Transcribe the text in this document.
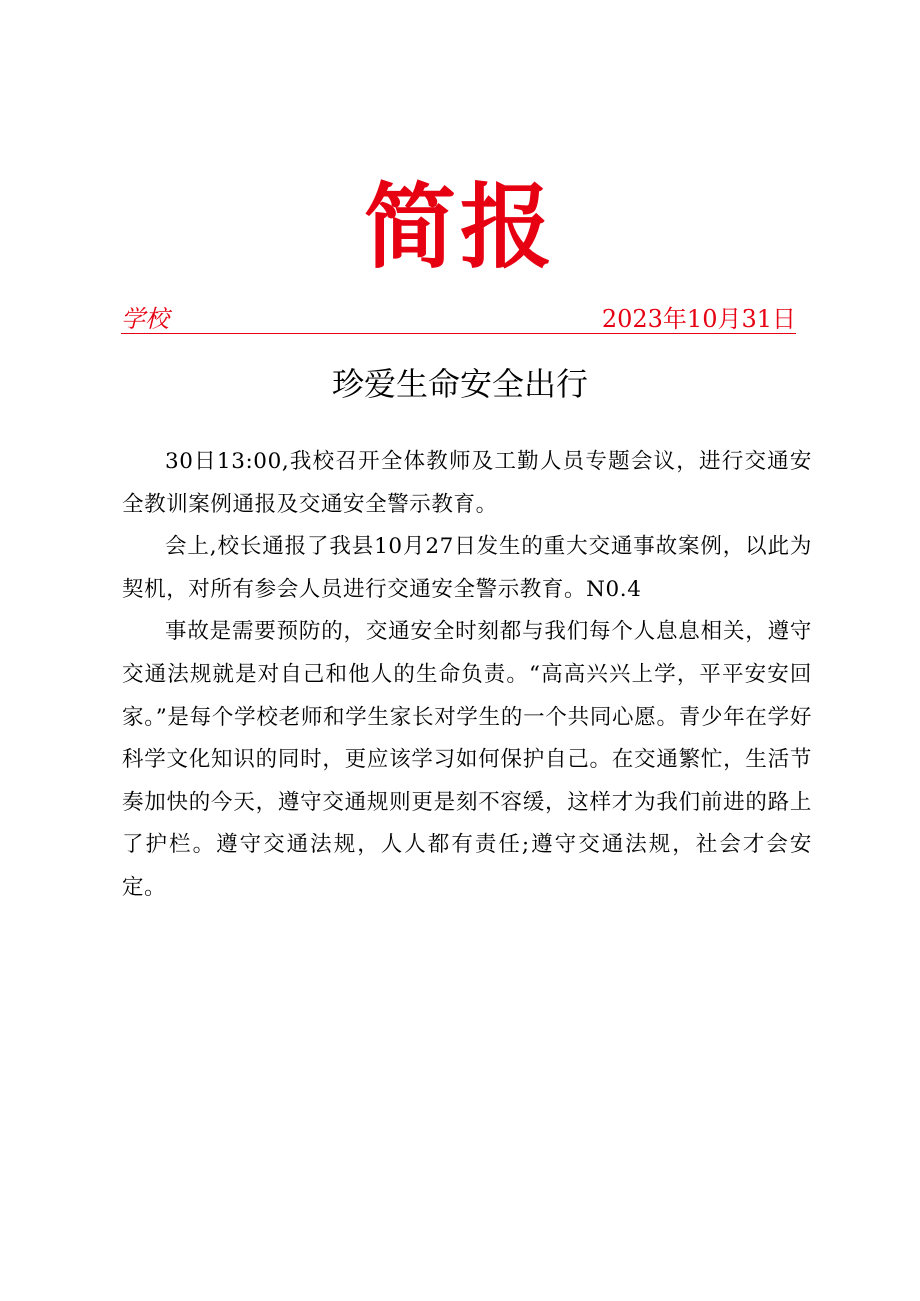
简报
学校	2023年10月31日
珍爱生命安全出行

30日13:00,我校召开全体教师及工勤人员专题会议，进行交通安全教训案例通报及交通安全警示教育。

会上,校长通报了我县10月27日发生的重大交通事故案例，以此为契机，对所有参会人员进行交通安全警示教育。N0.4

事故是需要预防的，交通安全时刻都与我们每个人息息相关，遵守交通法规就是对自己和他人的生命负责。“高高兴兴上学，平平安安回家。”是每个学校老师和学生家长对学生的一个共同心愿。青少年在学好科学文化知识的同时，更应该学习如何保护自己。在交通繁忙，生活节奏加快的今天，遵守交通规则更是刻不容缓，这样才为我们前进的路上了护栏。遵守交通法规，人人都有责任;遵守交通法规，社会才会安定。
